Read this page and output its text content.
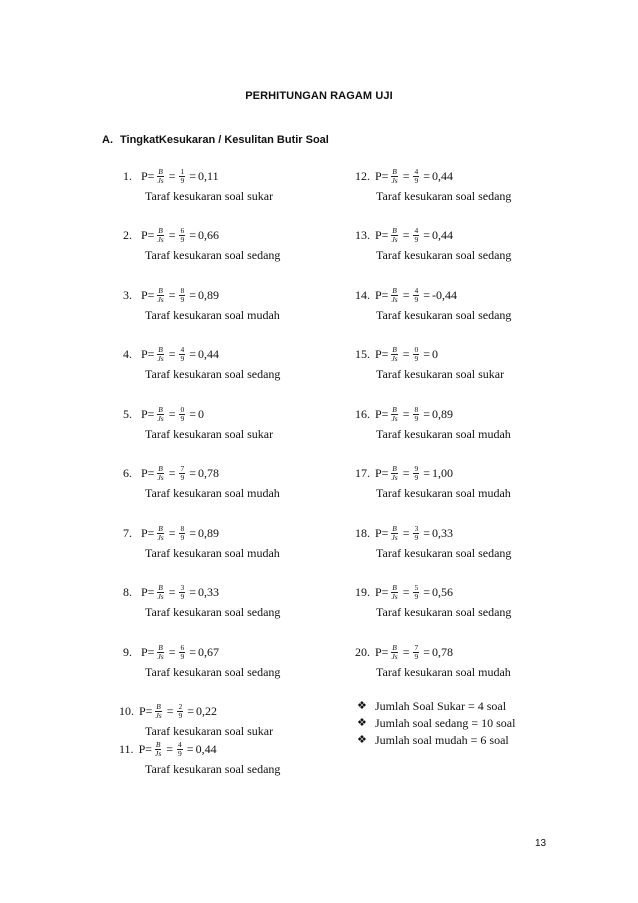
PERHITUNGAN RAGAM UJI
A. TingkatKesukaran / Kesulitan Butir Soal
1. $P= \frac{B}{Js} = \frac{1}{9} = 0,11$
Taraf kesukaran soal sukar
2. $P= \frac{B}{Js} = \frac{6}{9} = 0,66$
Taraf kesukaran soal sedang
3. $P= \frac{B}{Js} = \frac{8}{9} = 0,89$
Taraf kesukaran soal mudah
4. $P= \frac{B}{Js} = \frac{4}{9} = 0,44$
Taraf kesukaran soal sedang
5. $P= \frac{B}{Js} = \frac{0}{9} = 0$
Taraf kesukaran soal sukar
6. $P= \frac{B}{Js} = \frac{7}{9} = 0,78$
Taraf kesukaran soal mudah
7. $P= \frac{B}{Js} = \frac{8}{9} = 0,89$
Taraf kesukaran soal mudah
8. $P= \frac{B}{Js} = \frac{3}{9} = 0,33$
Taraf kesukaran soal sedang
9. $P= \frac{B}{Js} = \frac{6}{9} = 0,67$
Taraf kesukaran soal sedang
10. $P= \frac{B}{Js} = \frac{2}{9} = 0,22$
Taraf kesukaran soal sukar
11. $P= \frac{B}{Js} = \frac{4}{9} = 0,44$
Taraf kesukaran soal sedang
12. $P= \frac{B}{Js} = \frac{4}{9} = 0,44$
Taraf kesukaran soal sedang
13. $P= \frac{B}{Js} = \frac{4}{9} = 0,44$
Taraf kesukaran soal sedang
14. $P= \frac{B}{Js} = \frac{4}{9} = -0,44$
Taraf kesukaran soal sedang
15. $P= \frac{B}{Js} = \frac{0}{9} = 0$
Taraf kesukaran soal sukar
16. $P= \frac{B}{Js} = \frac{8}{9} = 0,89$
Taraf kesukaran soal mudah
17. $P= \frac{B}{Js} = \frac{9}{9} = 1,00$
Taraf kesukaran soal mudah
18. $P= \frac{B}{Js} = \frac{3}{9} = 0,33$
Taraf kesukaran soal sedang
19. $P= \frac{B}{Js} = \frac{5}{9} = 0,56$
Taraf kesukaran soal sedang
20. $P= \frac{B}{Js} = \frac{7}{9} = 0,78$
Taraf kesukaran soal mudah
❖ Jumlah Soal Sukar = 4 soal
❖ Jumlah soal sedang = 10 soal
❖ Jumlah soal mudah = 6 soal
13
